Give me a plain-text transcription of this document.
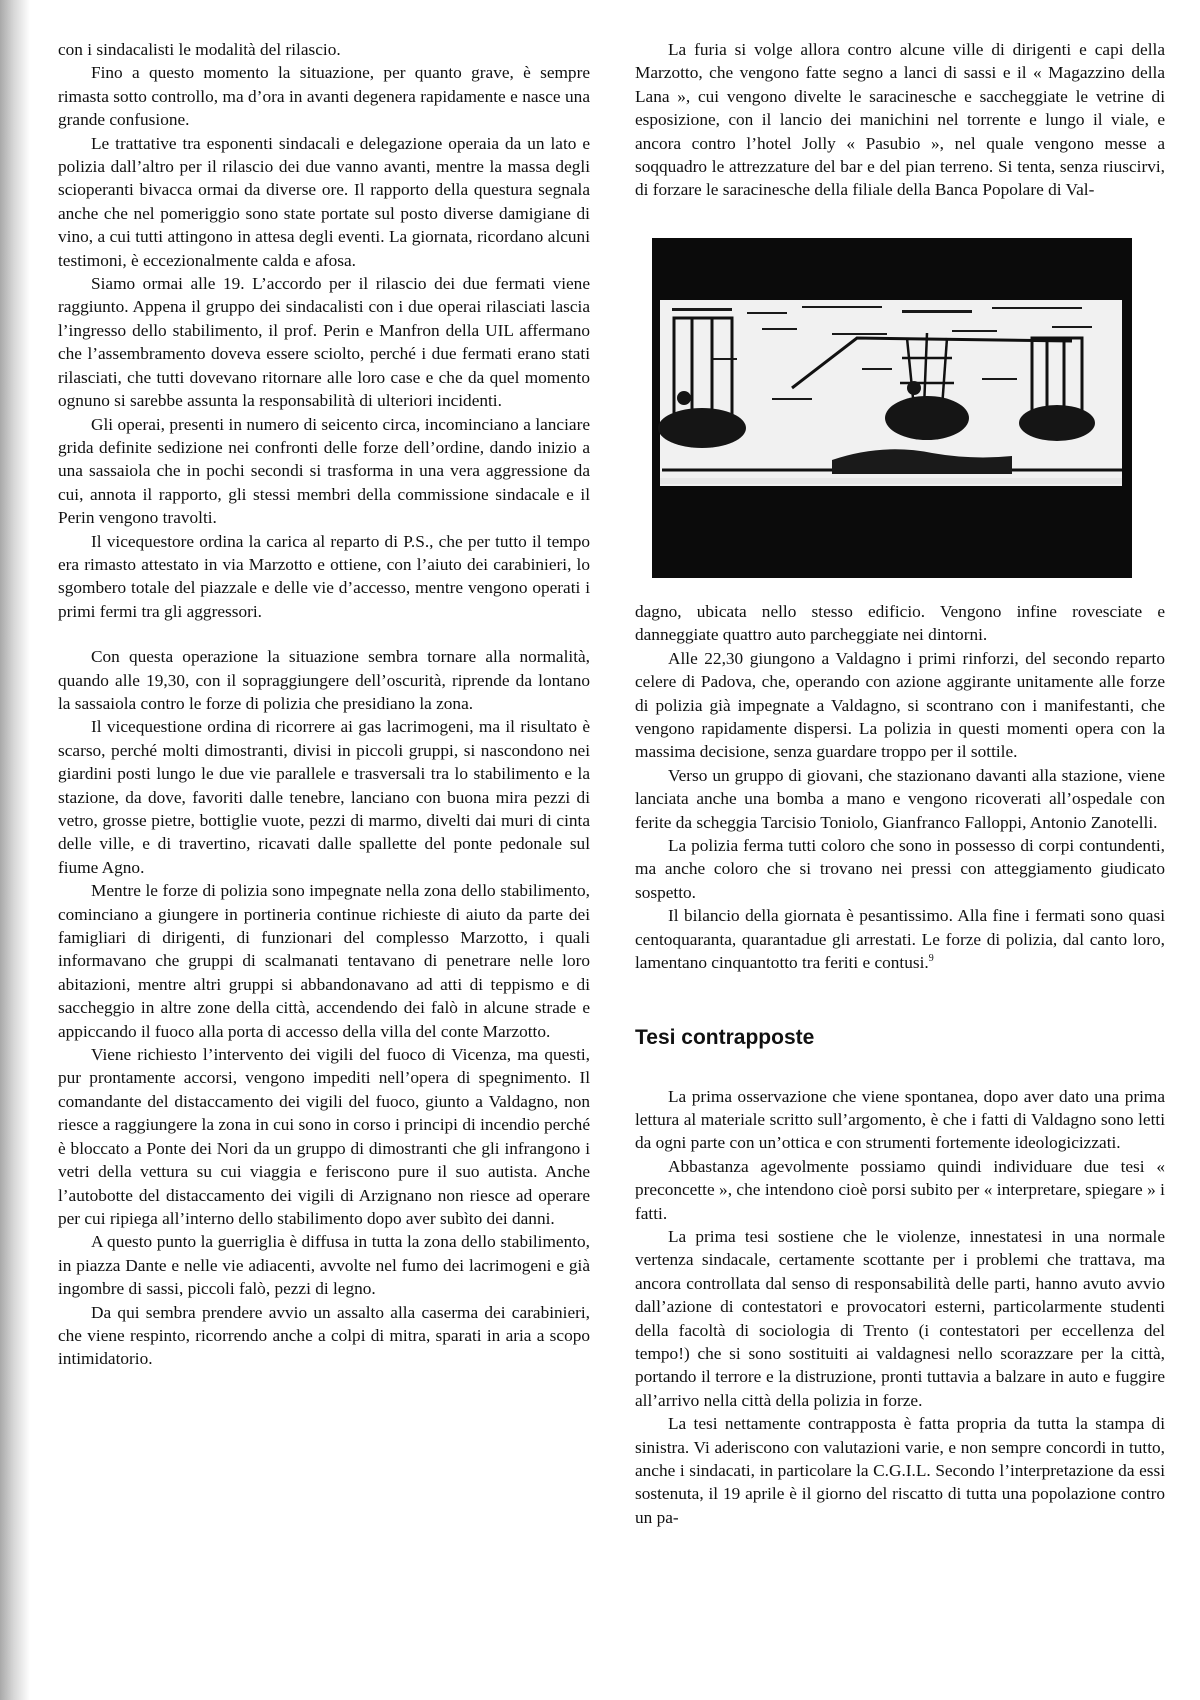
con i sindacalisti le modalità del rilascio.

Fino a questo momento la situazione, per quanto grave, è sempre rimasta sotto controllo, ma d’ora in avanti degenera rapidamente e nasce una grande confusione.

Le trattative tra esponenti sindacali e delegazione operaia da un lato e polizia dall’altro per il rilascio dei due vanno avanti, mentre la massa degli scioperanti bivacca ormai da diverse ore. Il rapporto della questura segnala anche che nel pomeriggio sono state portate sul posto diverse damigiane di vino, a cui tutti attingono in attesa degli eventi. La giornata, ricordano alcuni testimoni, è eccezionalmente calda e afosa.

Siamo ormai alle 19. L’accordo per il rilascio dei due fermati viene raggiunto. Appena il gruppo dei sindacalisti con i due operai rilasciati lascia l’ingresso dello stabilimento, il prof. Perin e Manfron della UIL affermano che l’assembramento doveva essere sciolto, perché i due fermati erano stati rilasciati, che tutti dovevano ritornare alle loro case e che da quel momento ognuno si sarebbe assunta la responsabilità di ulteriori incidenti.

Gli operai, presenti in numero di seicento circa, incominciano a lanciare grida definite sedizione nei confronti delle forze dell’ordine, dando inizio a una sassaiola che in pochi secondi si trasforma in una vera aggressione da cui, annota il rapporto, gli stessi membri della commissione sindacale e il Perin vengono travolti.

Il vicequestore ordina la carica al reparto di P.S., che per tutto il tempo era rimasto attestato in via Marzotto e ottiene, con l’aiuto dei carabinieri, lo sgombero totale del piazzale e delle vie d’accesso, mentre vengono operati i primi fermi tra gli aggressori.

Con questa operazione la situazione sembra tornare alla normalità, quando alle 19,30, con il sopraggiungere dell’oscurità, riprende da lontano la sassaiola contro le forze di polizia che presidiano la zona.

Il vicequestione ordina di ricorrere ai gas lacrimogeni, ma il risultato è scarso, perché molti dimostranti, divisi in piccoli gruppi, si nascondono nei giardini posti lungo le due vie parallele e trasversali tra lo stabilimento e la stazione, da dove, favoriti dalle tenebre, lanciano con buona mira pezzi di vetro, grosse pietre, bottiglie vuote, pezzi di marmo, divelti dai muri di cinta delle ville, e di travertino, ricavati dalle spallette del ponte pedonale sul fiume Agno.

Mentre le forze di polizia sono impegnate nella zona dello stabilimento, cominciano a giungere in portineria continue richieste di aiuto da parte dei famigliari di dirigenti, di funzionari del complesso Marzotto, i quali informavano che gruppi di scalmanati tentavano di penetrare nelle loro abitazioni, mentre altri gruppi si abbandonavano ad atti di teppismo e di saccheggio in altre zone della città, accendendo dei falò in alcune strade e appiccando il fuoco alla porta di accesso della villa del conte Marzotto.

Viene richiesto l’intervento dei vigili del fuoco di Vicenza, ma questi, pur prontamente accorsi, vengono impediti nell’opera di spegnimento. Il comandante del distaccamento dei vigili del fuoco, giunto a Valdagno, non riesce a raggiungere la zona in cui sono in corso i principi di incendio perché è bloccato a Ponte dei Nori da un gruppo di dimostranti che gli infrangono i vetri della vettura su cui viaggia e feriscono pure il suo autista. Anche l’autobotte del distaccamento dei vigili di Arzignano non riesce ad operare per cui ripiega all’interno dello stabilimento dopo aver subìto dei danni.

A questo punto la guerriglia è diffusa in tutta la zona dello stabilimento, in piazza Dante e nelle vie adiacenti, avvolte nel fumo dei lacrimogeni e già ingombre di sassi, piccoli falò, pezzi di legno.

Da qui sembra prendere avvio un assalto alla caserma dei carabinieri, che viene respinto, ricorrendo anche a colpi di mitra, sparati in aria a scopo intimidatorio.

La furia si volge allora contro alcune ville di dirigenti e capi della Marzotto, che vengono fatte segno a lanci di sassi e il « Magazzino della Lana », cui vengono divelte le saracinesche e saccheggiate le vetrine di esposizione, con il lancio dei manichini nel torrente e lungo il viale, e ancora contro l’hotel Jolly « Pasubio », nel quale vengono messe a soqquadro le attrezzature del bar e del pian terreno. Si tenta, senza riuscirvi, di forzare le saracinesche della filiale della Banca Popolare di Val-

dagno, ubicata nello stesso edificio. Vengono infine rovesciate e danneggiate quattro auto parcheggiate nei dintorni.

Alle 22,30 giungono a Valdagno i primi rinforzi, del secondo reparto celere di Padova, che, operando con azione aggirante unitamente alle forze di polizia già impegnate a Valdagno, si scontrano con i manifestanti, che vengono rapidamente dispersi. La polizia in questi momenti opera con la massima decisione, senza guardare troppo per il sottile.

Verso un gruppo di giovani, che stazionano davanti alla stazione, viene lanciata anche una bomba a mano e vengono ricoverati all’ospedale con ferite da scheggia Tarcisio Toniolo, Gianfranco Falloppi, Antonio Zanotelli.

La polizia ferma tutti coloro che sono in possesso di corpi contundenti, ma anche coloro che si trovano nei pressi con atteggiamento giudicato sospetto.

Il bilancio della giornata è pesantissimo. Alla fine i fermati sono quasi centoquaranta, quarantadue gli arrestati. Le forze di polizia, dal canto loro, lamentano cinquantotto tra feriti e contusi.$^9$

Tesi contrapposte

La prima osservazione che viene spontanea, dopo aver dato una prima lettura al materiale scritto sull’argomento, è che i fatti di Valdagno sono letti da ogni parte con un’ottica e con strumenti fortemente ideologicizzati.

Abbastanza agevolmente possiamo quindi individuare due tesi « preconcette », che intendono cioè porsi subito per « interpretare, spiegare » i fatti.

La prima tesi sostiene che le violenze, innestatesi in una normale vertenza sindacale, certamente scottante per i problemi che trattava, ma ancora controllata dal senso di responsabilità delle parti, hanno avuto avvio dall’azione di contestatori e provocatori esterni, particolarmente studenti della facoltà di sociologia di Trento (i contestatori per eccellenza del tempo!) che si sono sostituiti ai valdagnesi nello scorazzare per la città, portando il terrore e la distruzione, pronti tuttavia a balzare in auto e fuggire all’arrivo nella città della polizia in forze.

La tesi nettamente contrapposta è fatta propria da tutta la stampa di sinistra. Vi aderiscono con valutazioni varie, e non sempre concordi in tutto, anche i sindacati, in particolare la C.G.I.L. Secondo l’interpretazione da essi sostenuta, il 19 aprile è il giorno del riscatto di tutta una popolazione contro un pa-
